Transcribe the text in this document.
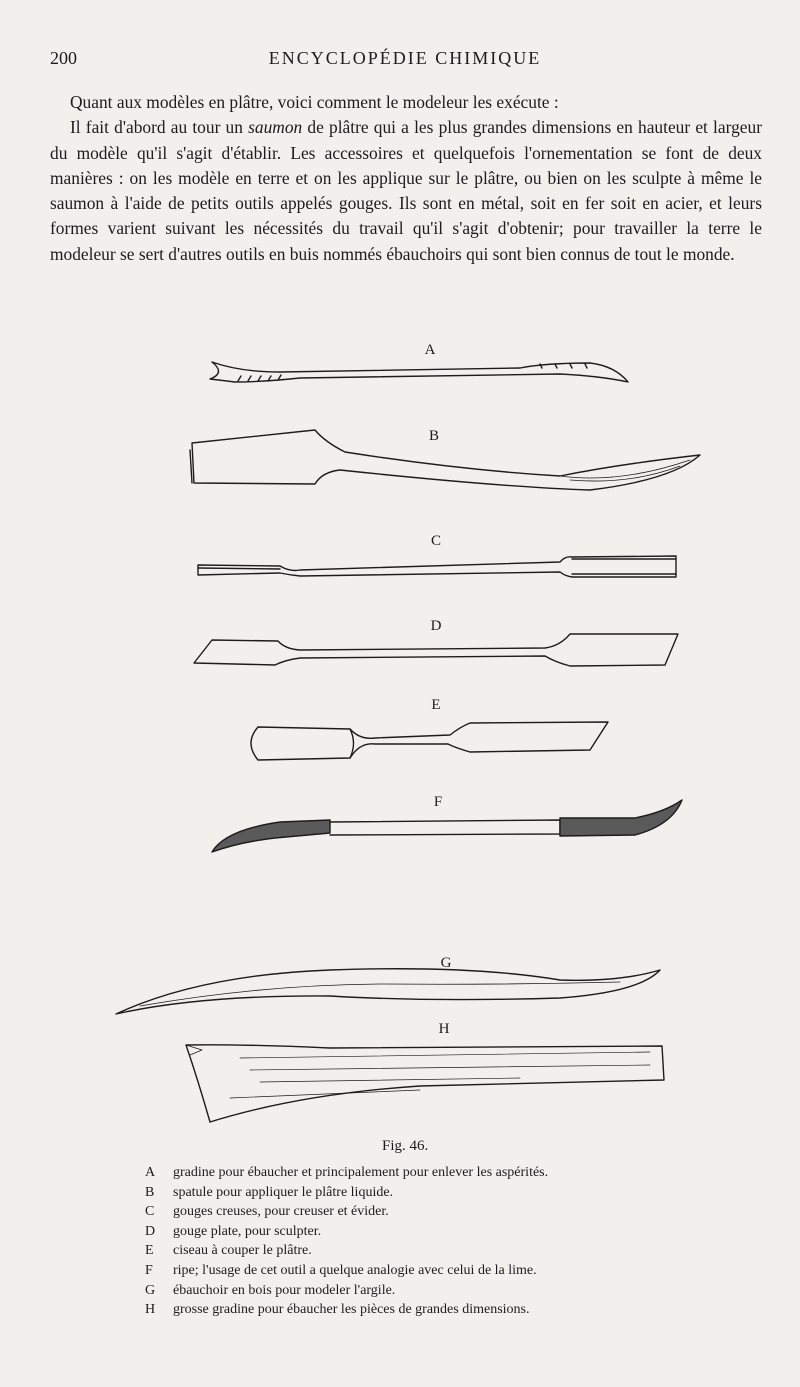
200	ENCYCLOPÉDIE CHIMIQUE

Quant aux modèles en plâtre, voici comment le modeleur les exécute :

Il fait d'abord au tour un saumon de plâtre qui a les plus grandes dimensions en hauteur et largeur du modèle qu'il s'agit d'établir. Les accessoires et quelquefois l'ornementation se font de deux manières : on les modèle en terre et on les applique sur le plâtre, ou bien on les sculpte à même le saumon à l'aide de petits outils appelés gouges. Ils sont en métal, soit en fer soit en acier, et leurs formes varient suivant les nécessités du travail qu'il s'agit d'obtenir; pour travailler la terre le modeleur se sert d'autres outils en buis nommés ébauchoirs qui sont bien connus de tout le monde.

A
B
C
D
E
F
G
H
Fig. 46.
A	gradine pour ébaucher et principalement pour enlever les aspérités.
B	spatule pour appliquer le plâtre liquide.
C	gouges creuses, pour creuser et évider.
D	gouge plate, pour sculpter.
E	ciseau à couper le plâtre.
F	ripe; l'usage de cet outil a quelque analogie avec celui de la lime.
G	ébauchoir en bois pour modeler l'argile.
H	grosse gradine pour ébaucher les pièces de grandes dimensions.
